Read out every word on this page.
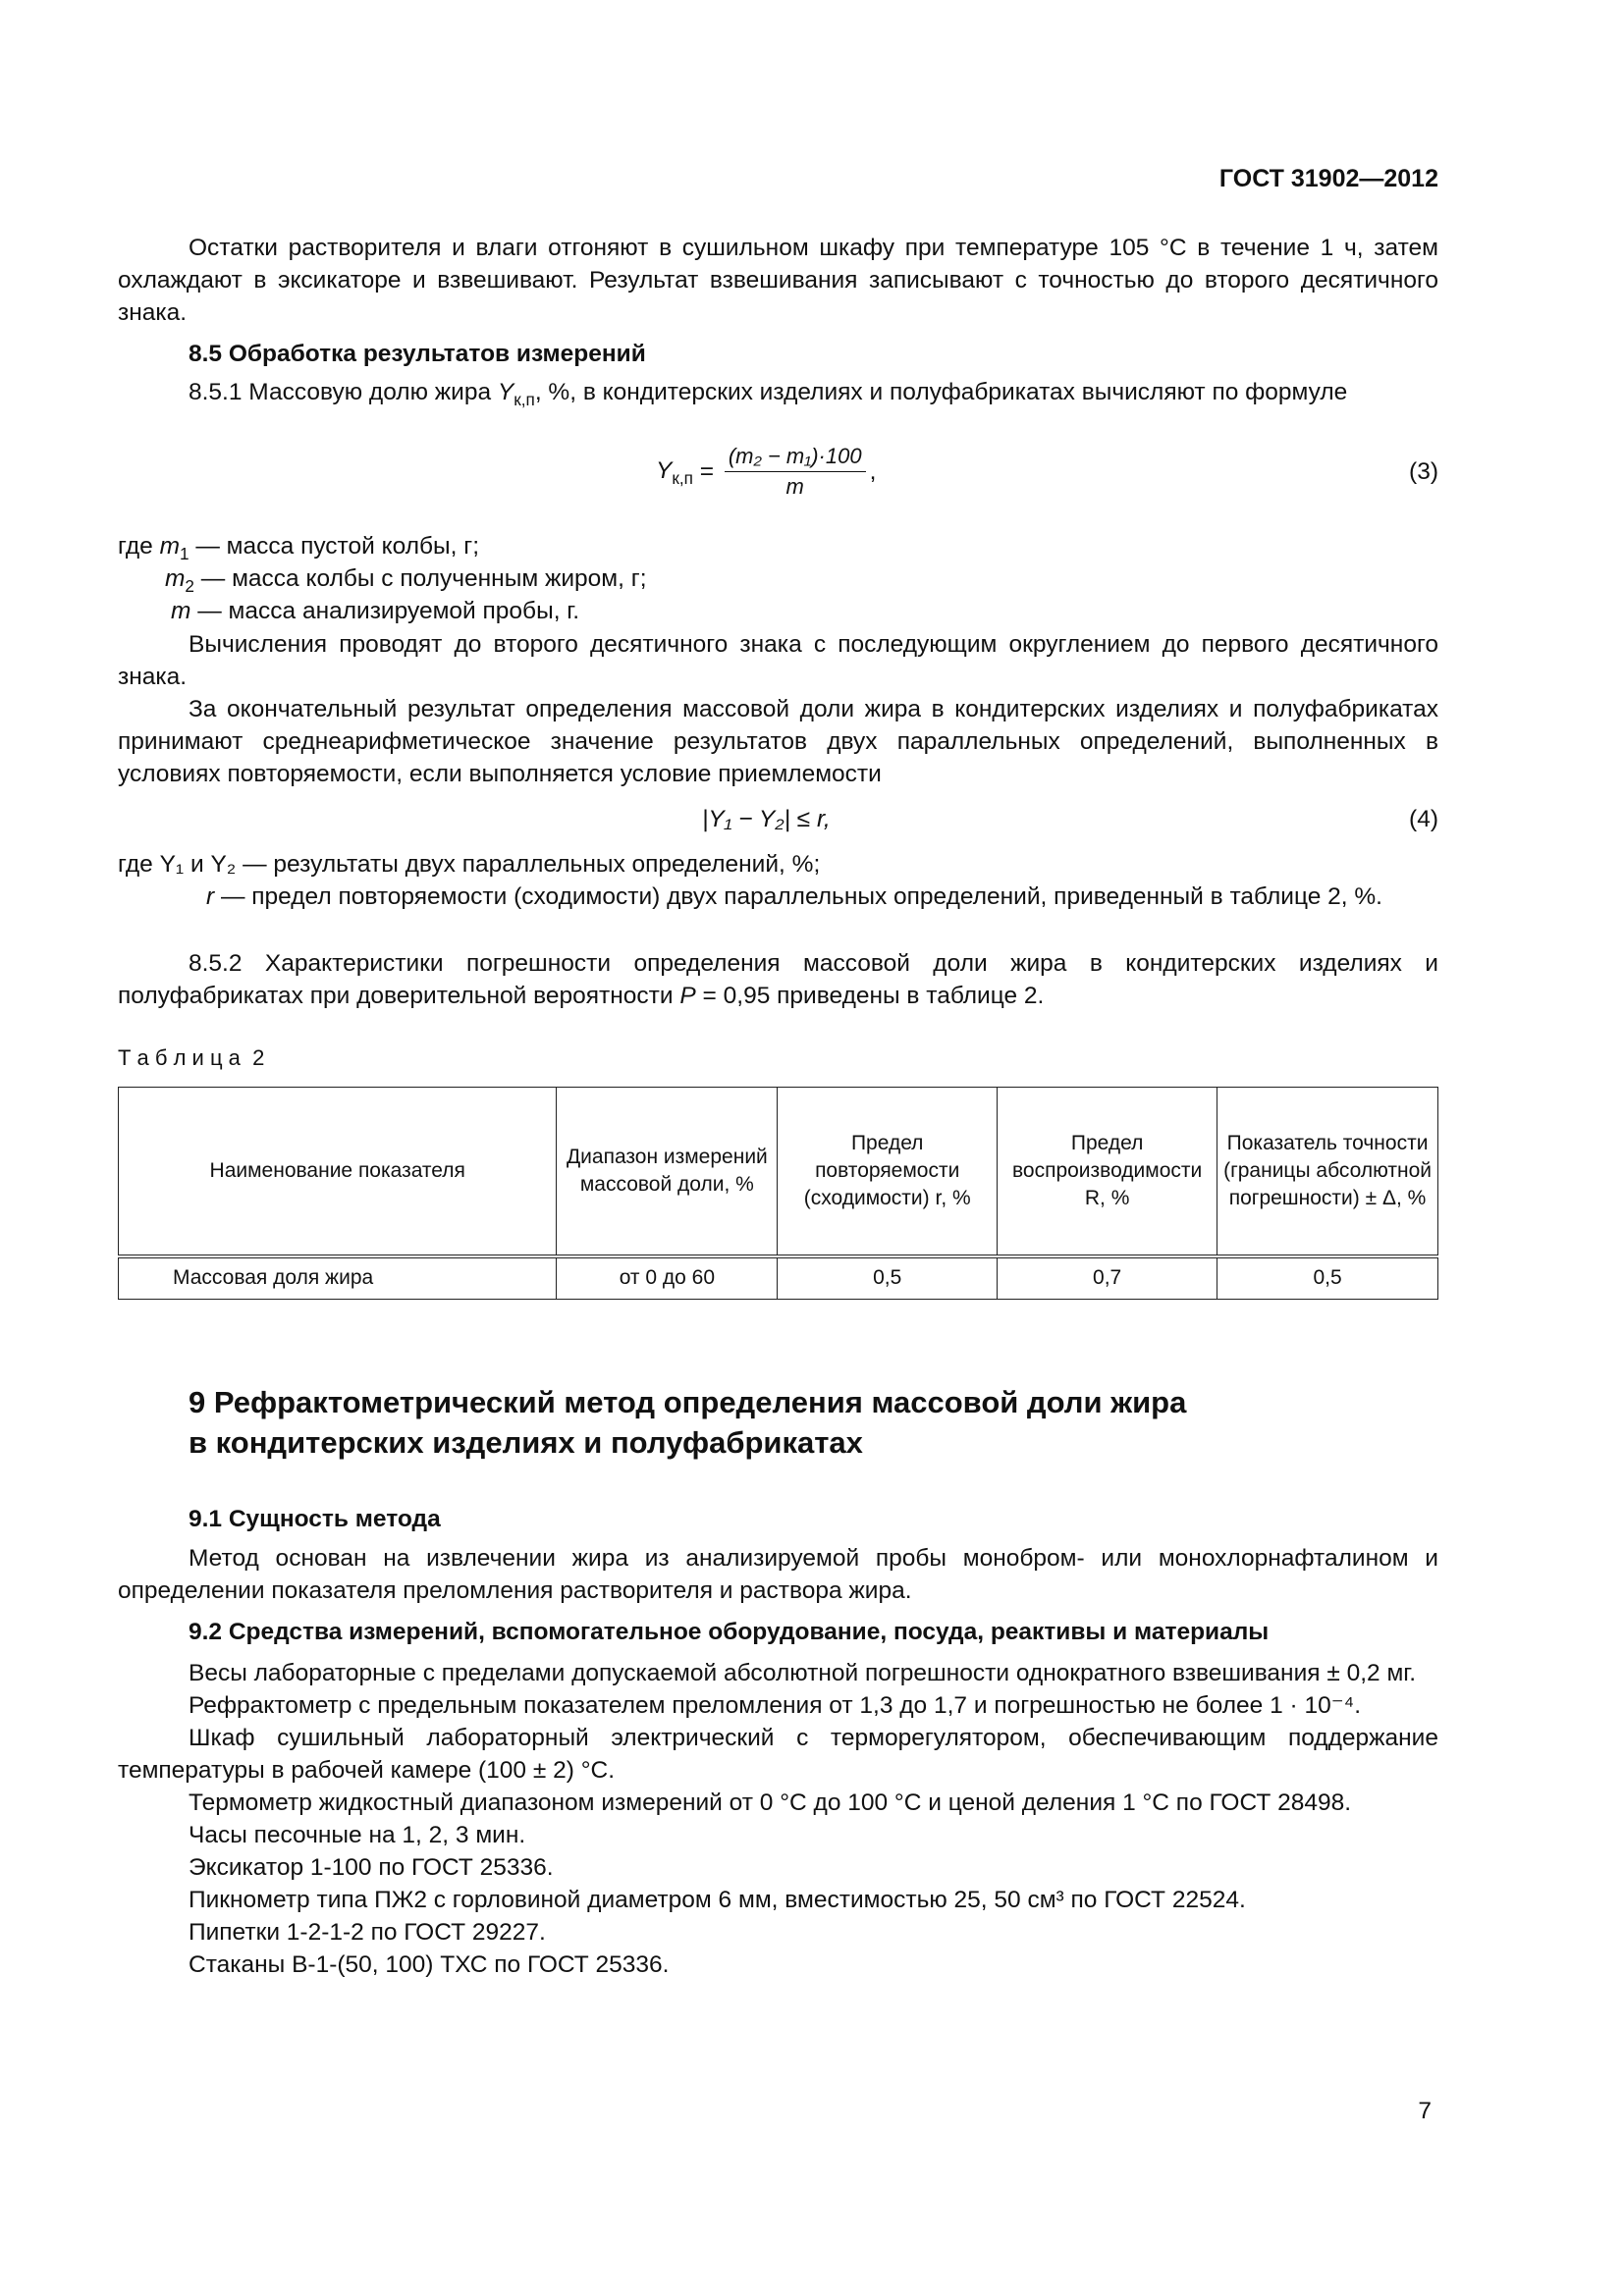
ГОСТ 31902—2012

Остатки растворителя и влаги отгоняют в сушильном шкафу при температуре 105 °С в течение 1 ч, затем охлаждают в эксикаторе и взвешивают. Результат взвешивания записывают с точностью до второго десятичного знака.

8.5 Обработка результатов измерений

8.5.1 Массовую долю жира $Y_{к,п}$, %, в кондитерских изделиях и полуфабрикатах вычисляют по формуле

$Y_{к,п} = \frac{\text{(m₂ − m₁)·100}}{m}$ ,	(3)
где $m_1$ — масса пустой колбы, г;
$m_2$ — масса колбы с полученным жиром, г;
m — масса анализируемой пробы, г.

Вычисления проводят до второго десятичного знака с последующим округлением до первого десятичного знака.

За окончательный результат определения массовой доли жира в кондитерских изделиях и полуфабрикатах принимают среднеарифметическое значение результатов двух параллельных определений, выполненных в условиях повторяемости, если выполняется условие приемлемости

|Y₁ − Y₂| ≤ r,	(4)
где Y₁ и Y₂ — результаты двух параллельных определений, %;
r — предел повторяемости (сходимости) двух параллельных определений, приведенный в таблице 2, %.

8.5.2 Характеристики погрешности определения массовой доли жира в кондитерских изделиях и полуфабрикатах при доверительной вероятности P = 0,95 приведены в таблице 2.

Т а б л и ц а  2
Наименование показателя	Диапазон измерений массовой доли, %	Предел повторяемости (сходимости) r, %	Предел воспроизводимости R, %	Показатель точности (границы абсолютной погрешности) ± Δ, %
Массовая доля жира	от 0 до 60	0,5	0,7	0,5
9 Рефрактометрический метод определения массовой доли жира
в кондитерских изделиях и полуфабрикатах
9.1 Сущность метода

Метод основан на извлечении жира из анализируемой пробы монобром- или монохлорнафталином и определении показателя преломления растворителя и раствора жира.

9.2 Средства измерений, вспомогательное оборудование, посуда, реактивы и материалы

Весы лабораторные с пределами допускаемой абсолютной погрешности однократного взвешивания ± 0,2 мг.

Рефрактометр с предельным показателем преломления от 1,3 до 1,7 и погрешностью не более 1 · 10⁻⁴.

Шкаф сушильный лабораторный электрический с терморегулятором, обеспечивающим поддержание температуры в рабочей камере (100 ± 2) °С.

Термометр жидкостный диапазоном измерений от 0 °С до 100 °С и ценой деления 1 °С по ГОСТ 28498.

Часы песочные на 1, 2, 3 мин.

Эксикатор 1-100 по ГОСТ 25336.

Пикнометр типа ПЖ2 с горловиной диаметром 6 мм, вместимостью 25, 50 см³ по ГОСТ 22524.

Пипетки 1-2-1-2 по ГОСТ 29227.

Стаканы В-1-(50, 100) ТХС по ГОСТ 25336.

7
